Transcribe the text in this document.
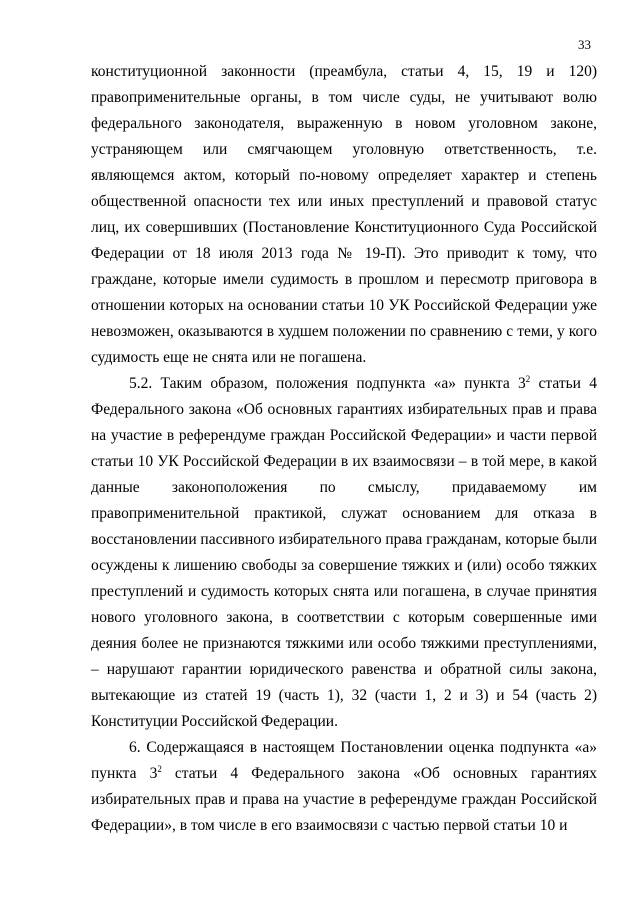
33

конституционной законности (преамбула, статьи 4, 15, 19 и 120) правоприменительные органы, в том числе суды, не учитывают волю федерального законодателя, выраженную в новом уголовном законе, устраняющем или смягчающем уголовную ответственность, т.е. являющемся актом, который по-новому определяет характер и степень общественной опасности тех или иных преступлений и правовой статус лиц, их совершивших (Постановление Конституционного Суда Российской Федерации от 18 июля 2013 года № 19-П). Это приводит к тому, что граждане, которые имели судимость в прошлом и пересмотр приговора в отношении которых на основании статьи 10 УК Российской Федерации уже невозможен, оказываются в худшем положении по сравнению с теми, у кого судимость еще не снята или не погашена.

5.2. Таким образом, положения подпункта «а» пункта $3^2$ статьи 4 Федерального закона «Об основных гарантиях избирательных прав и права на участие в референдуме граждан Российской Федерации» и части первой статьи 10 УК Российской Федерации в их взаимосвязи – в той мере, в какой данные законоположения по смыслу, придаваемому им правоприменительной практикой, служат основанием для отказа в восстановлении пассивного избирательного права гражданам, которые были осуждены к лишению свободы за совершение тяжких и (или) особо тяжких преступлений и судимость которых снята или погашена, в случае принятия нового уголовного закона, в соответствии с которым совершенные ими деяния более не признаются тяжкими или особо тяжкими преступлениями, – нарушают гарантии юридического равенства и обратной силы закона, вытекающие из статей 19 (часть 1), 32 (части 1, 2 и 3) и 54 (часть 2) Конституции Российской Федерации.

6. Содержащаяся в настоящем Постановлении оценка подпункта «а» пункта $3^2$ статьи 4 Федерального закона «Об основных гарантиях избирательных прав и права на участие в референдуме граждан Российской Федерации», в том числе в его взаимосвязи с частью первой статьи 10 и
